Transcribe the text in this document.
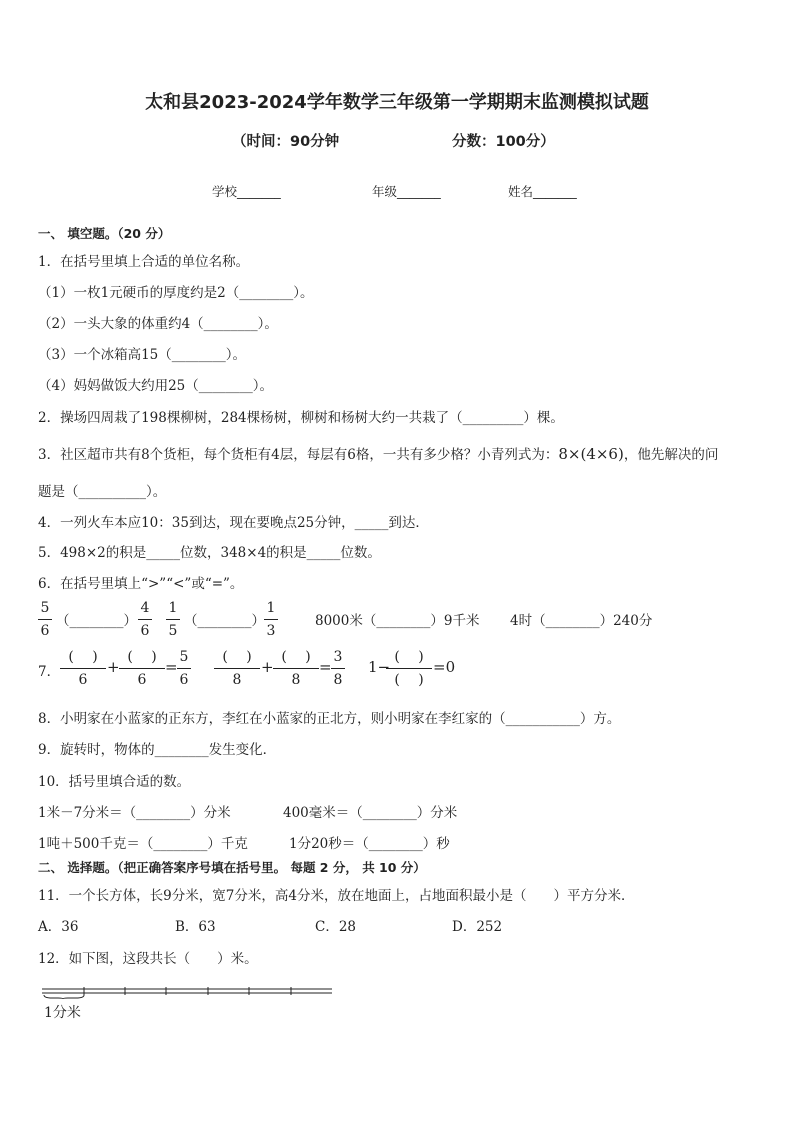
太和县2023-2024学年数学三年级第一学期期末监测模拟试题
（时间：90分钟	分数：100分）
学校_______	年级_______	姓名_______
一、 填空题。（20 分）
1．在括号里填上合适的单位名称。
（1）一枚1元硬币的厚度约是2（________）。
（2）一头大象的体重约4（________）。
（3）一个冰箱高15（________）。
（4）妈妈做饭大约用25（________）。
2．操场四周栽了198棵柳树，284棵杨树，柳树和杨树大约一共栽了（_________）棵。
3．社区超市共有8个货柜，每个货柜有4层，每层有6格，一共有多少格？小青列式为：8×(4×6)，他先解决的问
题是（__________）。
4．一列火车本应10：35到达，现在要晚点25分钟，_____到达．
5．498×2的积是_____位数，348×4的积是_____位数。
6．在括号里填上“>”“<”或“=”。
5
6
（________）
4
6
1
5
（________）
1
3
8000米（________）9千米 4时（________）240分
7．
(　 )
6
+
(　 )
6
=
5
6
(　 )
8
+
(　 )
8
=
3
8
1−
(　 )
(　 )
=0
8．小明家在小蓝家的正东方，李红在小蓝家的正北方，则小明家在李红家的（___________）方。
9．旋转时，物体的________发生变化．
10．括号里填合适的数。
1米－7分米＝（________）分米	400毫米＝（________）分米
1吨＋500千克＝（________）千克	1分20秒＝（________）秒
二、 选择题。（把正确答案序号填在括号里。 每题 2 分， 共 10 分）
11．一个长方体，长9分米，宽7分米，高4分米，放在地面上，占地面积最小是（　　）平方分米．
A．36	B．63	C．28	D．252
12．如下图，这段共长（　　）米。
1分米
